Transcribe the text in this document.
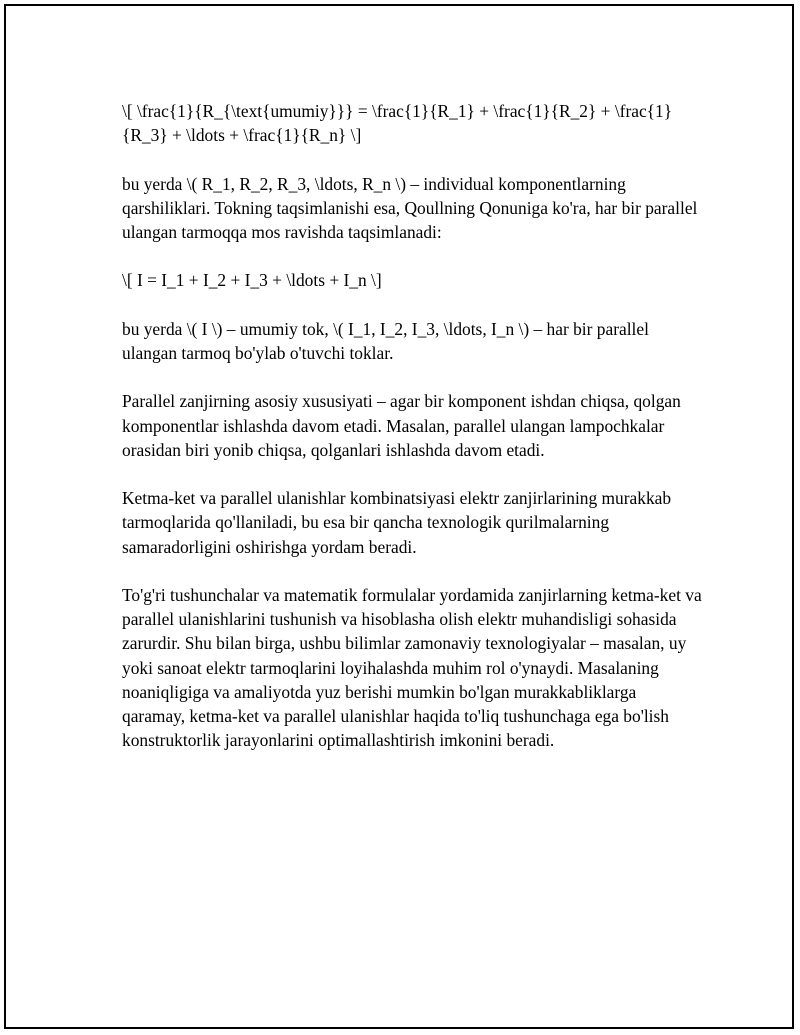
\[ \frac{1}{R_{\text{umumiy}}} = \frac{1}{R_1} + \frac{1}{R_2} + \frac{1}{R_3} + \ldots + \frac{1}{R_n} \]

bu yerda \( R_1, R_2, R_3, \ldots, R_n \) – individual komponentlarning qarshiliklari. Tokning taqsimlanishi esa, Qoullning Qonuniga ko'ra, har bir parallel ulangan tarmoqqa mos ravishda taqsimlanadi:

\[ I = I_1 + I_2 + I_3 + \ldots + I_n \]

bu yerda \( I \) – umumiy tok, \( I_1, I_2, I_3, \ldots, I_n \) – har bir parallel ulangan tarmoq bo'ylab o'tuvchi toklar.

Parallel zanjirning asosiy xususiyati – agar bir komponent ishdan chiqsa, qolgan komponentlar ishlashda davom etadi. Masalan, parallel ulangan lampochkalar orasidan biri yonib chiqsa, qolganlari ishlashda davom etadi.

Ketma-ket va parallel ulanishlar kombinatsiyasi elektr zanjirlarining murakkab tarmoqlarida qo'llaniladi, bu esa bir qancha texnologik qurilmalarning samaradorligini oshirishga yordam beradi.

To'g'ri tushunchalar va matematik formulalar yordamida zanjirlarning ketma-ket va parallel ulanishlarini tushunish va hisoblasha olish elektr muhandisligi sohasida zarurdir. Shu bilan birga, ushbu bilimlar zamonaviy texnologiyalar – masalan, uy yoki sanoat elektr tarmoqlarini loyihalashda muhim rol o'ynaydi. Masalaning noaniqligiga va amaliyotda yuz berishi mumkin bo'lgan murakkabliklarga qaramay, ketma-ket va parallel ulanishlar haqida to'liq tushunchaga ega bo'lish konstruktorlik jarayonlarini optimallashtirish imkonini beradi.
